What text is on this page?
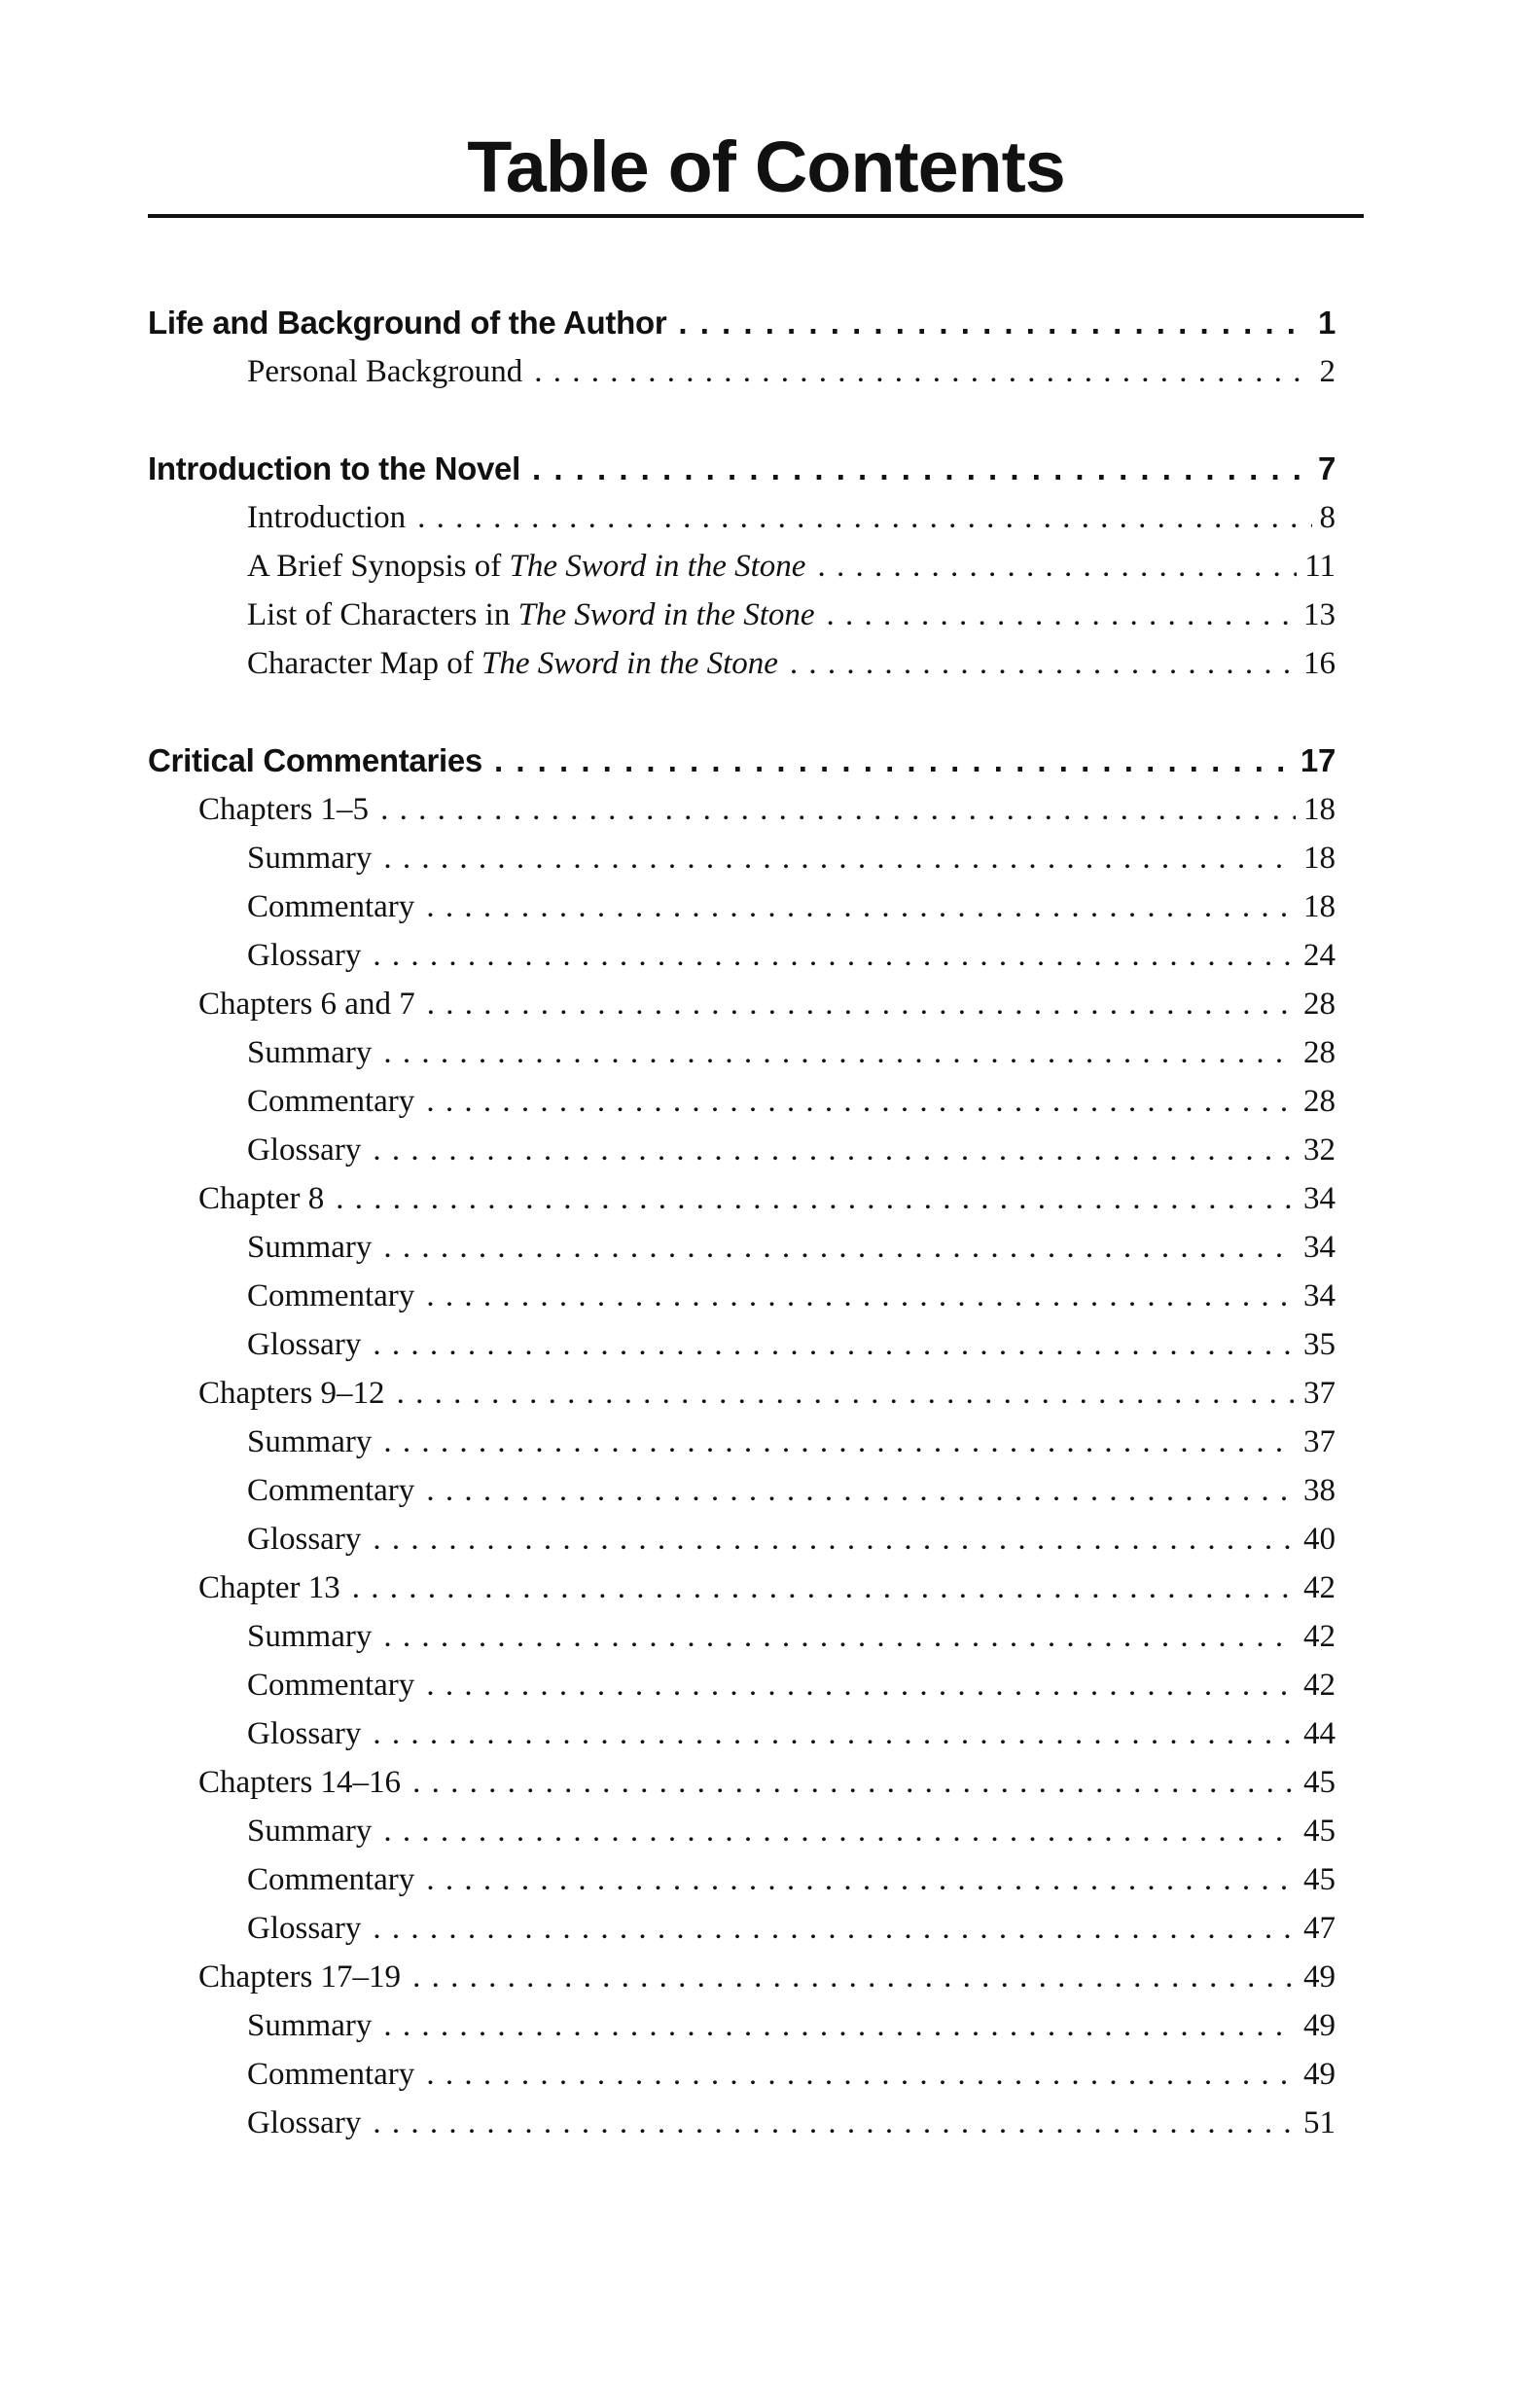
Table of Contents
Life and Background of the Author . . .	1
Personal Background . . .	2
Introduction to the Novel . . .	7
Introduction . . .	8
A Brief Synopsis of The Sword in the Stone . . .	11
List of Characters in The Sword in the Stone . . .	13
Character Map of The Sword in the Stone . . .	16
Critical Commentaries . . .	17
Chapters 1–5 . . .	18
Summary . . .	18
Commentary . . .	18
Glossary . . .	24
Chapters 6 and 7 . . .	28
Summary . . .	28
Commentary . . .	28
Glossary . . .	32
Chapter 8 . . .	34
Summary . . .	34
Commentary . . .	34
Glossary . . .	35
Chapters 9–12 . . .	37
Summary . . .	37
Commentary . . .	38
Glossary . . .	40
Chapter 13 . . .	42
Summary . . .	42
Commentary . . .	42
Glossary . . .	44
Chapters 14–16 . . .	45
Summary . . .	45
Commentary . . .	45
Glossary . . .	47
Chapters 17–19 . . .	49
Summary . . .	49
Commentary . . .	49
Glossary . . .	51
